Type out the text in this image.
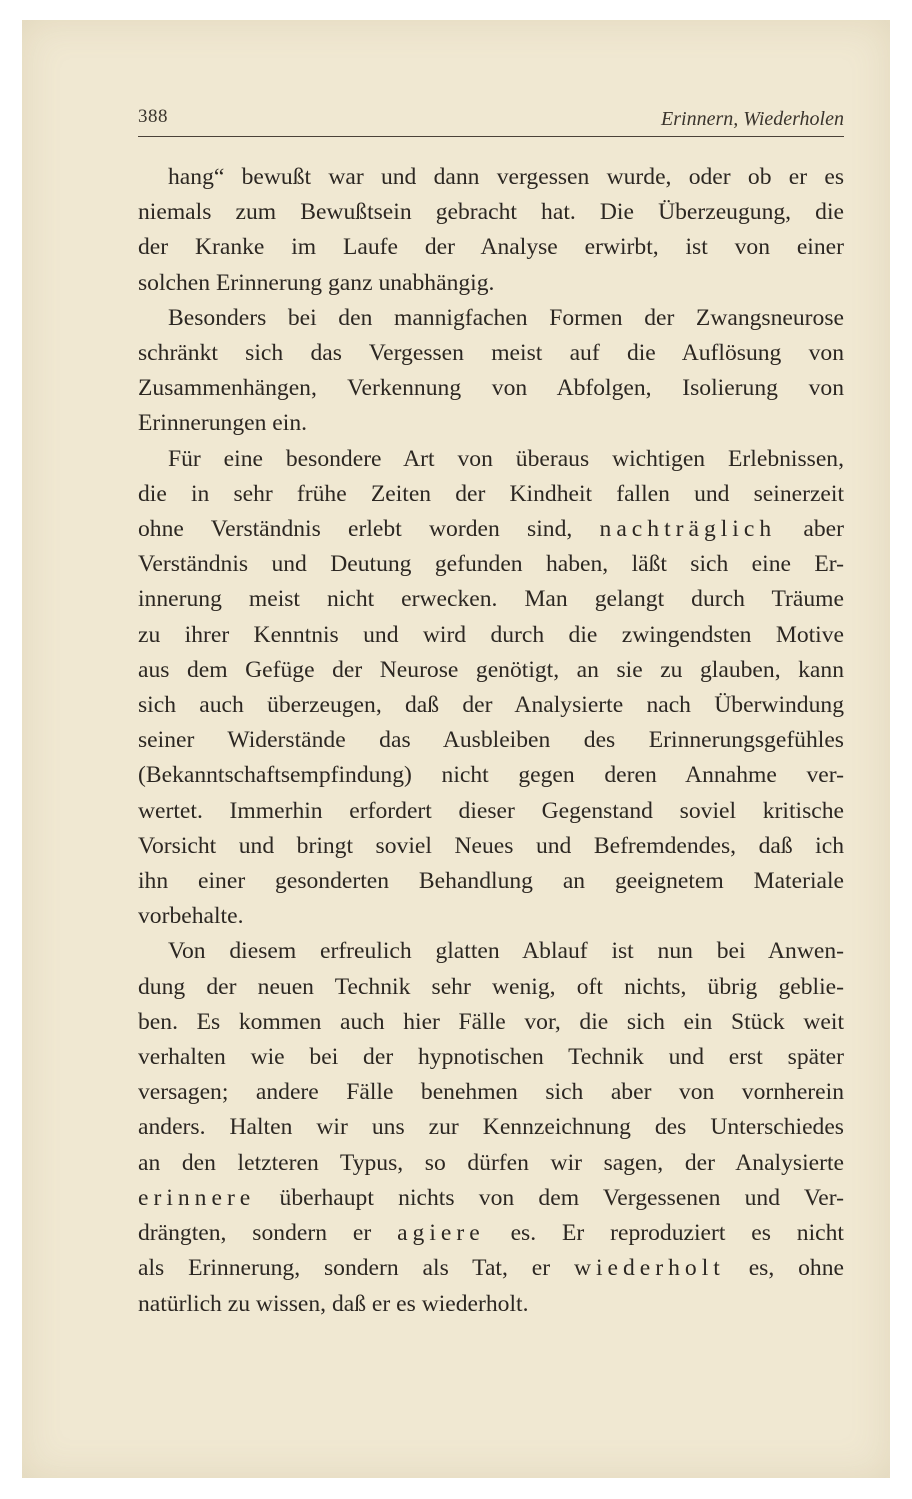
388	Erinnern, Wiederholen
hang“ bewußt war und dann vergessen wurde, oder ob er es
niemals zum Bewußtsein gebracht hat. Die Überzeugung, die
der Kranke im Laufe der Analyse erwirbt, ist von einer
solchen Erinnerung ganz unabhängig.
Besonders bei den mannigfachen Formen der Zwangsneurose
schränkt sich das Vergessen meist auf die Auflösung von
Zusammenhängen, Verkennung von Abfolgen, Isolierung von
Erinnerungen ein.
Für eine besondere Art von überaus wichtigen Erlebnissen,
die in sehr frühe Zeiten der Kindheit fallen und seinerzeit
ohne Verständnis erlebt worden sind, nachträglich aber
Verständnis und Deutung gefunden haben, läßt sich eine Er-
innerung meist nicht erwecken. Man gelangt durch Träume
zu ihrer Kenntnis und wird durch die zwingendsten Motive
aus dem Gefüge der Neurose genötigt, an sie zu glauben, kann
sich auch überzeugen, daß der Analysierte nach Überwindung
seiner Widerstände das Ausbleiben des Erinnerungsgefühles
(Bekanntschaftsempfindung) nicht gegen deren Annahme ver-
wertet. Immerhin erfordert dieser Gegenstand soviel kritische
Vorsicht und bringt soviel Neues und Befremdendes, daß ich
ihn einer gesonderten Behandlung an geeignetem Materiale
vorbehalte.
Von diesem erfreulich glatten Ablauf ist nun bei Anwen-
dung der neuen Technik sehr wenig, oft nichts, übrig geblie-
ben. Es kommen auch hier Fälle vor, die sich ein Stück weit
verhalten wie bei der hypnotischen Technik und erst später
versagen; andere Fälle benehmen sich aber von vornherein
anders. Halten wir uns zur Kennzeichnung des Unterschiedes
an den letzteren Typus, so dürfen wir sagen, der Analysierte
erinnere überhaupt nichts von dem Vergessenen und Ver-
drängten, sondern er agiere es. Er reproduziert es nicht
als Erinnerung, sondern als Tat, er wiederholt es, ohne
natürlich zu wissen, daß er es wiederholt.
